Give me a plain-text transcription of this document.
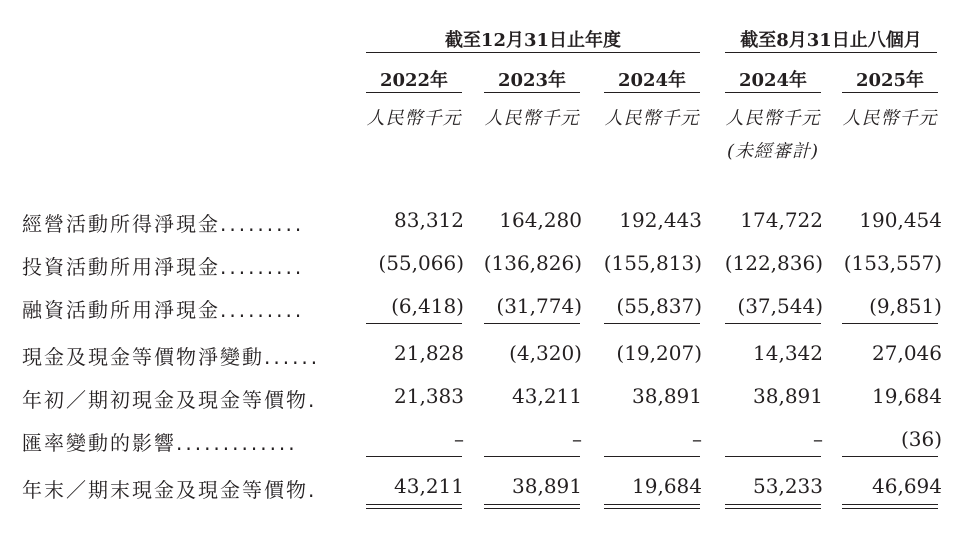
截至12月31日止年度	截至8月31日止八個月
2022年	2023年	2024年	2024年	2025年
人民幣千元 人民幣千元 人民幣千元 人民幣千元 人民幣千元
(未經審計)
經營活動所得淨現金.........	83,312	164,280	192,443	174,722	190,454
投資活動所用淨現金.........	(55,066) (136,826)	(155,813)	(122,836)	(153,557)
融資活動所用淨現金.........	(6,418)	(31,774)	(55,837)	(37,544)	(9,851)
現金及現金等價物淨變動......	21,828	(4,320)	(19,207)	14,342	27,046
年初／期初現金及現金等價物.	21,383	43,211	38,891	38,891	19,684
匯率變動的影響.............	–	–	–	–	(36)
年末／期末現金及現金等價物.	43,211	38,891	19,684	53,233	46,694
